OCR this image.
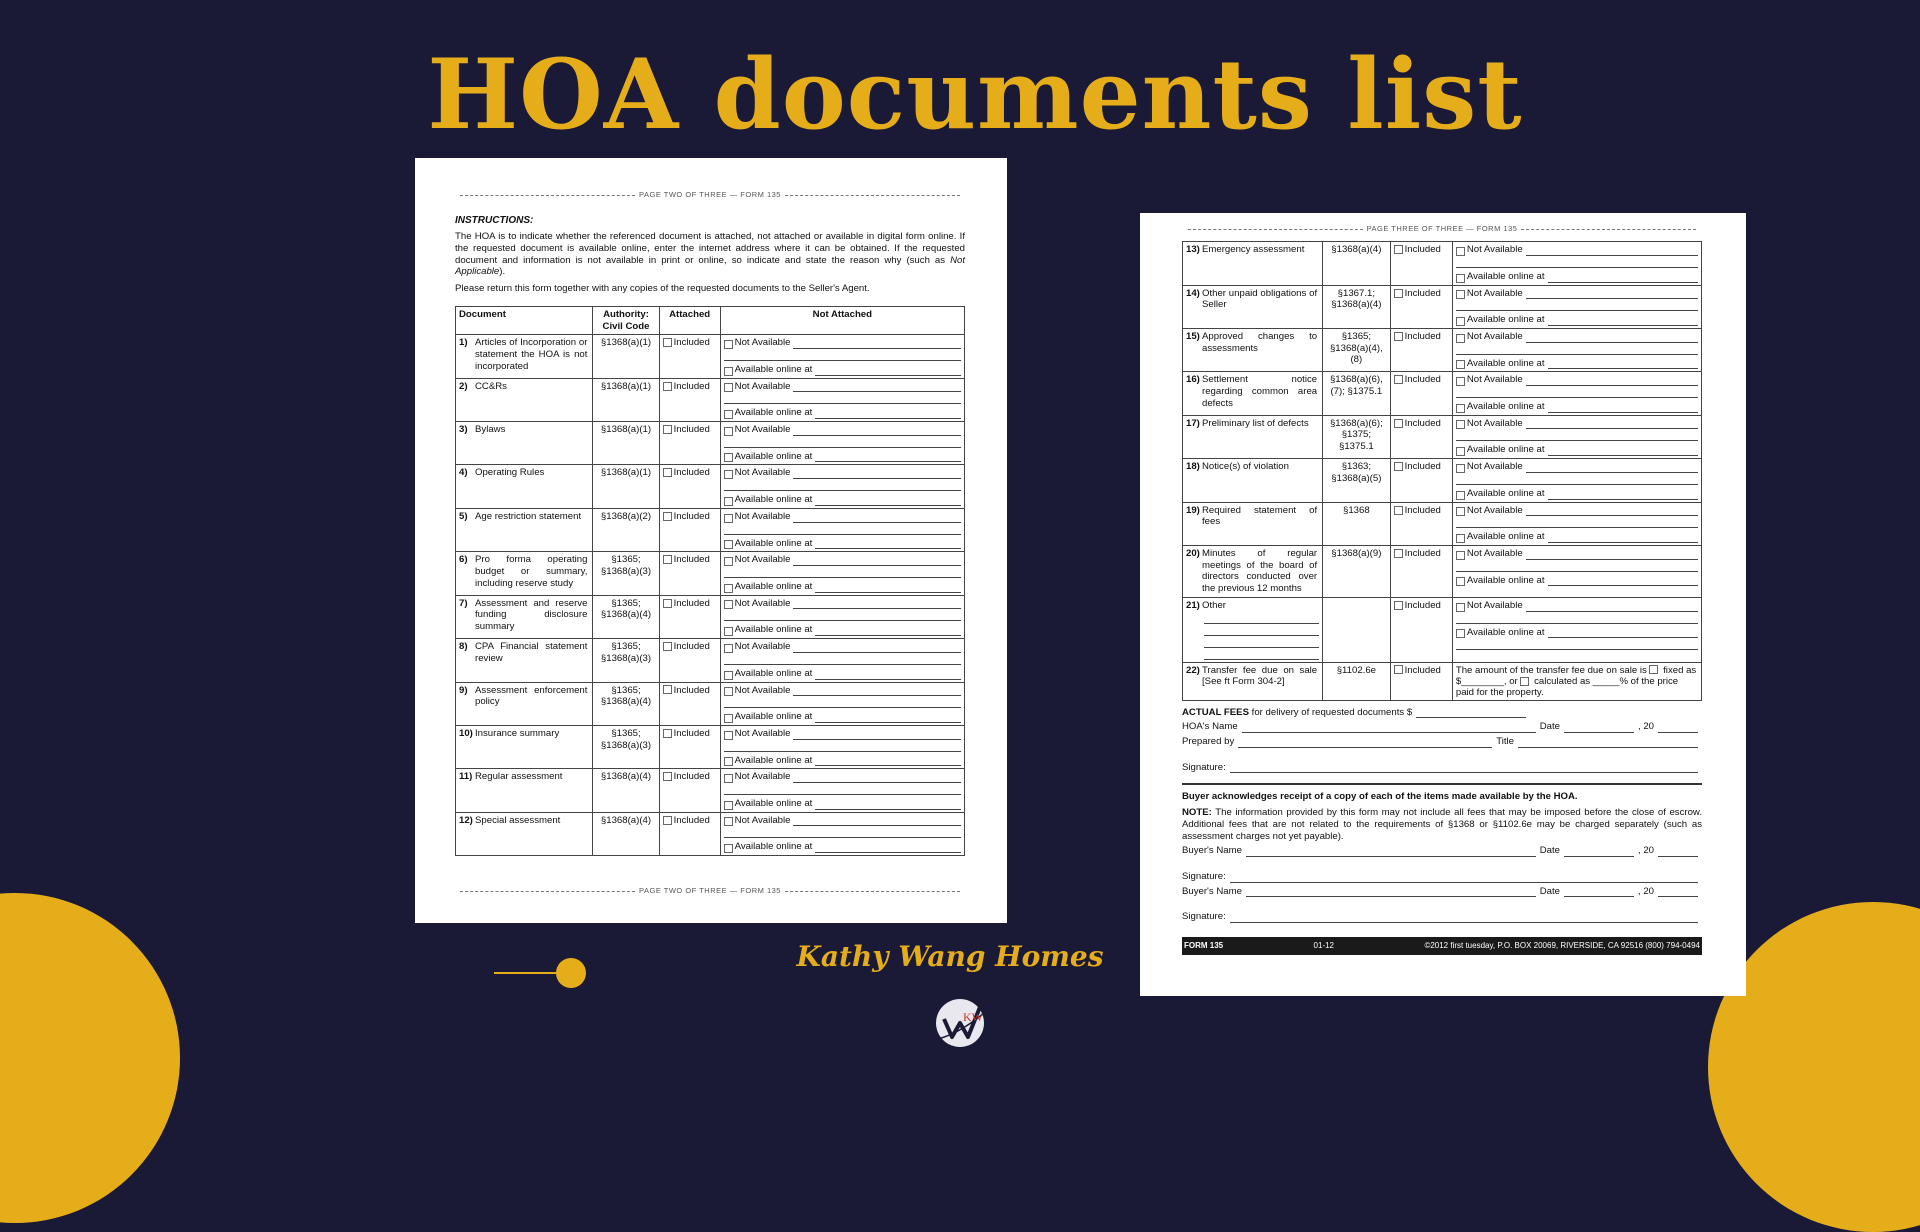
HOA documents list
PAGE TWO OF THREE — FORM 135
INSTRUCTIONS:
The HOA is to indicate whether the referenced document is attached, not attached or available in digital form online. If the requested document is available online, enter the internet address where it can be obtained. If the requested document and information is not available in print or online, so indicate and state the reason why (such as Not Applicable).
Please return this form together with any copies of the requested documents to the Seller's Agent.
Document	Authority: Civil Code	Attached	Not Attached
1) Articles of Incorporation or statement the HOA is not incorporated	§1368(a)(1)	Included	Not Available
Available online at

2) CC&Rs	§1368(a)(1)	Included	Not Available
Available online at

3) Bylaws	§1368(a)(1)	Included	Not Available
Available online at

4) Operating Rules	§1368(a)(1)	Included	Not Available
Available online at

5) Age restriction statement	§1368(a)(2)	Included	Not Available
Available online at

6) Pro forma operating budget or summary, including reserve study	§1365; §1368(a)(3)	Included	Not Available
Available online at

7) Assessment and reserve funding disclosure summary	§1365; §1368(a)(4)	Included	Not Available
Available online at

8) CPA Financial statement review	§1365; §1368(a)(3)	Included	Not Available
Available online at

9) Assessment enforcement policy	§1365; §1368(a)(4)	Included	Not Available
Available online at

10) Insurance summary	§1365; §1368(a)(3)	Included	Not Available
Available online at

11) Regular assessment	§1368(a)(4)	Included	Not Available
Available online at

12) Special assessment	§1368(a)(4)	Included	Not Available
Available online at
PAGE TWO OF THREE — FORM 135
PAGE THREE OF THREE — FORM 135
13) Emergency assessment	§1368(a)(4)	Included	Not Available
Available online at

14) Other unpaid obligations of Seller	§1367.1; §1368(a)(4)	Included	Not Available
Available online at

15) Approved changes to assessments	§1365; §1368(a)(4), (8)	Included	Not Available
Available online at

16) Settlement notice regarding common area defects	§1368(a)(6), (7); §1375.1	Included	Not Available
Available online at

17) Preliminary list of defects	§1368(a)(6); §1375; §1375.1	Included	Not Available
Available online at

18) Notice(s) of violation	§1363; §1368(a)(5)	Included	Not Available
Available online at

19) Required statement of fees	§1368	Included	Not Available
Available online at

20) Minutes of regular meetings of the board of directors conducted over the previous 12 months	§1368(a)(9)	Included	Not Available
Available online at

21) Other		Included	Not Available
Available online at

22) Transfer fee due on sale [See ft Form 304-2]	§1102.6e	Included	The amount of the transfer fee due on sale is fixed as $________, or calculated as _____% of the price paid for the property.
ACTUAL FEES
for delivery of requested documents $
HOA's Name	Date	, 20
Prepared by	Title
Signature:
Buyer acknowledges receipt of a copy of each of the items made available by the HOA.
NOTE: The information provided by this form may not include all fees that may be imposed before the close of escrow. Additional fees that are not related to the requirements of §1368 or §1102.6e may be charged separately (such as assessment charges not yet payable).
Buyer's Name	Date	, 20
Signature:
Buyer's Name	Date	, 20
Signature:
FORM 135	01-12	©2012 first tuesday, P.O. BOX 20069, RIVERSIDE, CA 92516 (800) 794-0494
Kathy Wang Homes
KW
